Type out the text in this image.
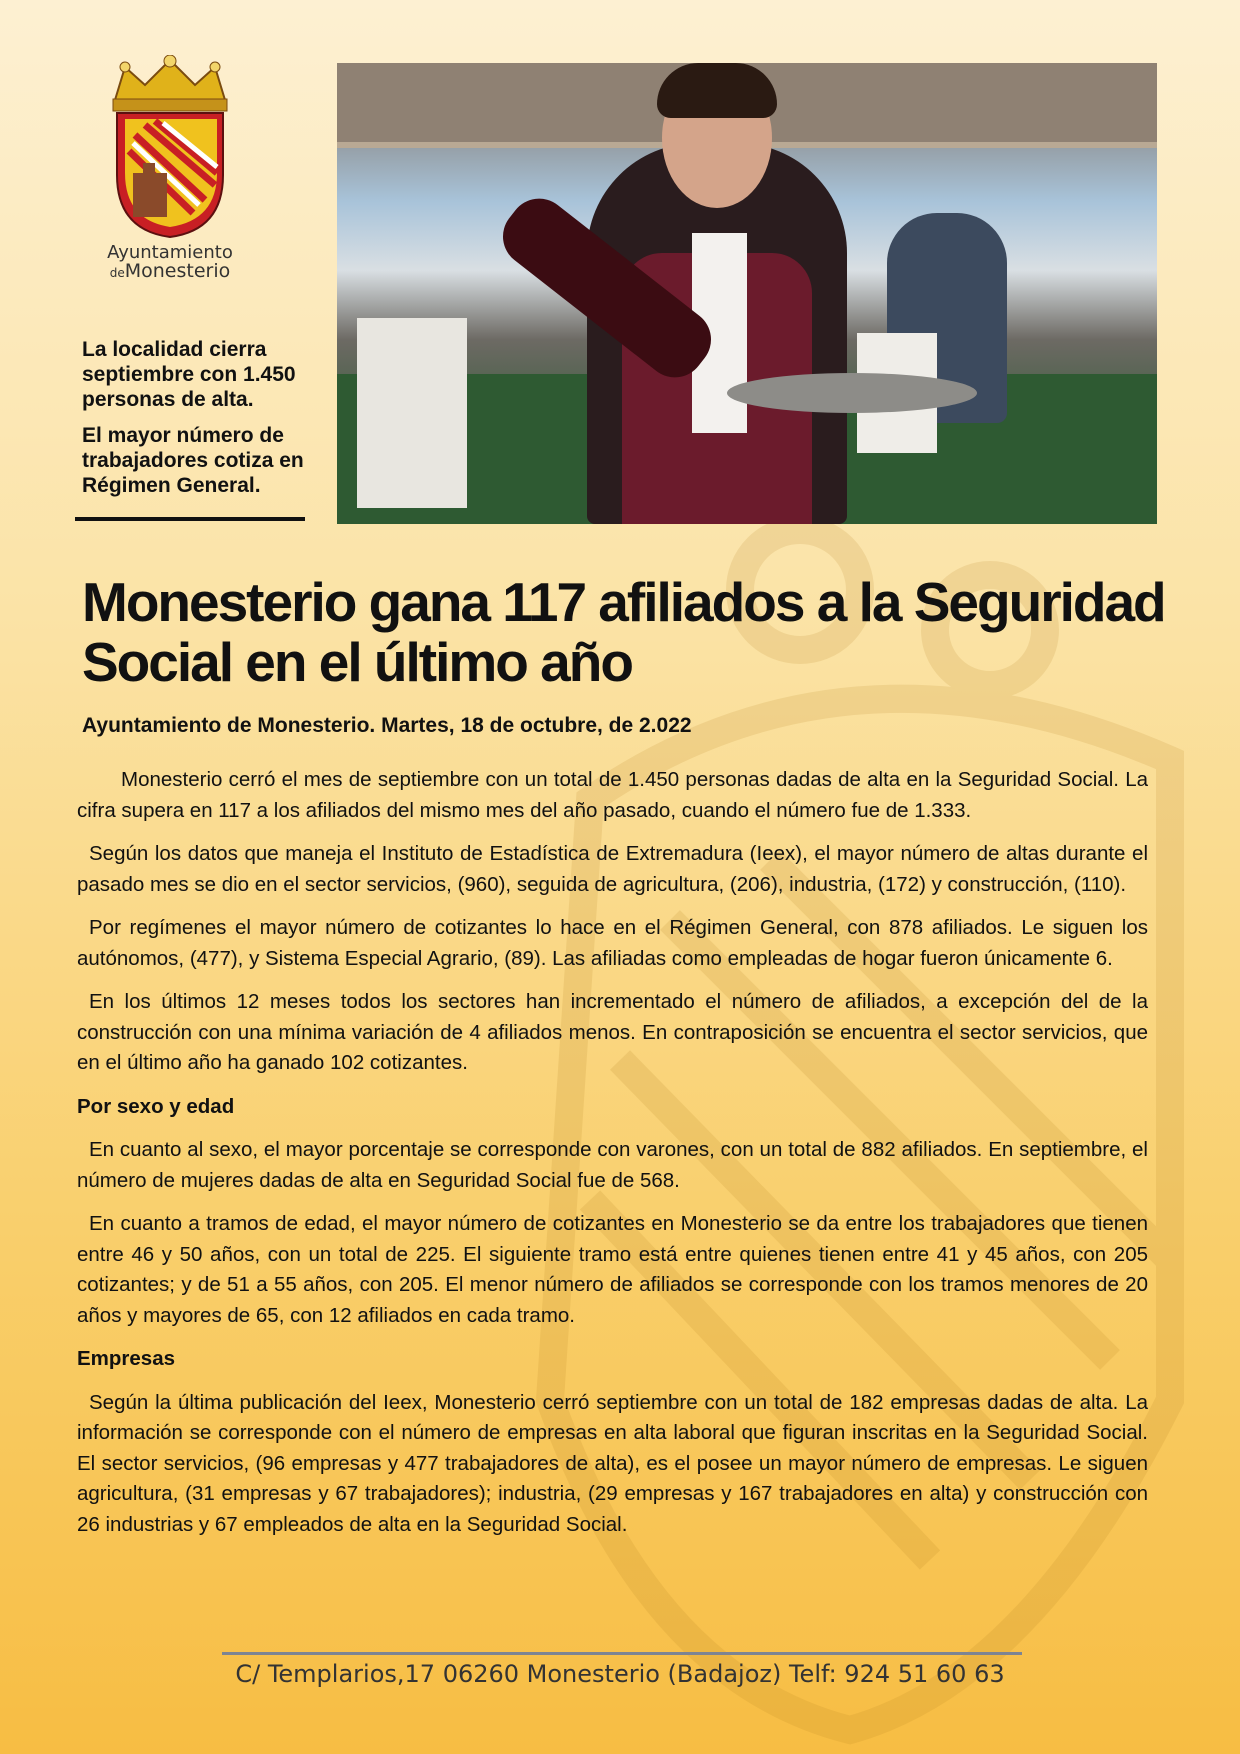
Ayuntamiento
deMonesterio

La localidad cierra septiembre con 1.450 personas de alta.

El mayor número de trabajadores cotiza en Régimen General.

Monesterio gana 117 afiliados a la Seguridad Social en el último año

Ayuntamiento de Monesterio. Martes, 18 de octubre, de 2.022

Monesterio cerró el mes de septiembre con un total de 1.450 personas dadas de alta en la Seguridad Social. La cifra supera en 117 a los afiliados del mismo mes del año pasado, cuando el número fue de 1.333.

Según los datos que maneja el Instituto de Estadística de Extremadura (Ieex), el mayor número de altas durante el pasado mes se dio en el sector servicios, (960), seguida de agricultura, (206), industria, (172) y construcción, (110).

Por regímenes el mayor número de cotizantes lo hace en el Régimen General, con 878 afiliados. Le siguen los autónomos, (477), y Sistema Especial Agrario, (89). Las afiliadas como empleadas de hogar fueron únicamente 6.

En los últimos 12 meses todos los sectores han incrementado el número de afiliados, a excepción del de la construcción con una mínima variación de 4 afiliados menos. En contraposición se encuentra el sector servicios, que en el último año ha ganado 102 cotizantes.

Por sexo y edad

En cuanto al sexo, el mayor porcentaje se corresponde con varones, con un total de 882 afiliados. En septiembre, el número de mujeres dadas de alta en Seguridad Social fue de 568.

En cuanto a tramos de edad, el mayor número de cotizantes en Monesterio se da entre los trabajadores que tienen entre 46 y 50 años, con un total de 225. El siguiente tramo está entre quienes tienen entre 41 y 45 años, con 205 cotizantes; y de 51 a 55 años, con 205. El menor número de afiliados se corresponde con los tramos menores de 20 años y mayores de 65, con 12 afiliados en cada tramo.

Empresas

Según la última publicación del Ieex, Monesterio cerró septiembre con un total de 182 empresas dadas de alta. La información se corresponde con el número de empresas en alta laboral que figuran inscritas en la Seguridad Social. El sector servicios, (96 empresas y 477 trabajadores de alta), es el posee un mayor número de empresas. Le siguen agricultura, (31 empresas y 67 trabajadores); industria, (29 empresas y 167 trabajadores en alta) y construcción con 26 industrias y 67 empleados de alta en la Seguridad Social.

C/ Templarios,17 06260 Monesterio (Badajoz) Telf: 924 51 60 63
